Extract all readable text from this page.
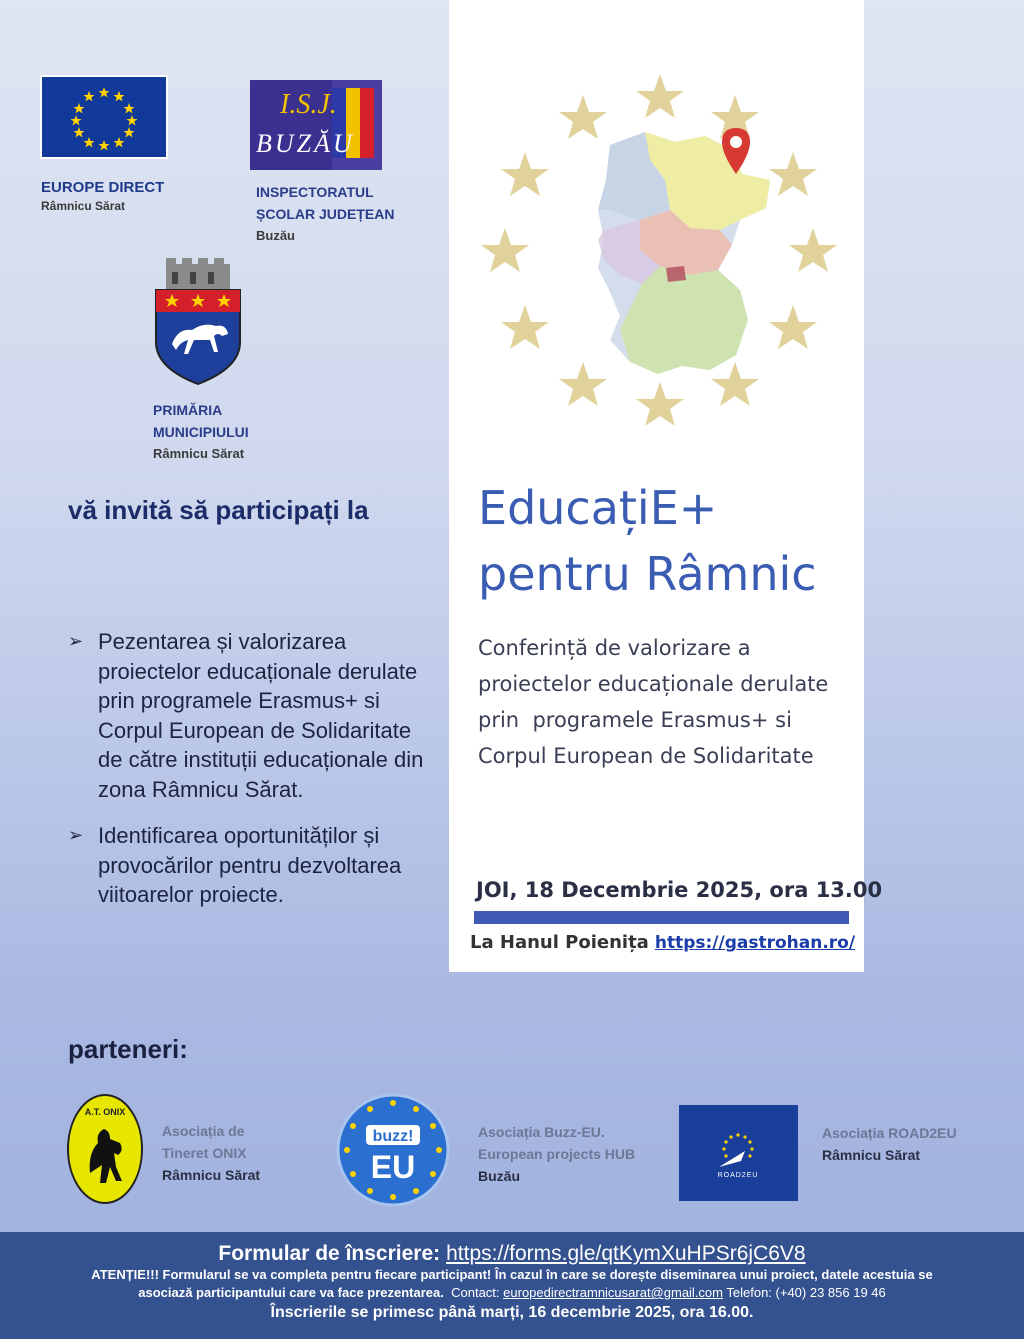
EUROPE DIRECT
Râmnicu Sărat
I.S.J.
BUZĂU
INSPECTORATUL
ȘCOLAR JUDEȚEAN
Buzău
PRIMĂRIA
MUNICIPIULUI
Râmnicu Sărat
vă invită să participați la
➢ Pezentarea și valorizarea proiectelor educaționale derulate prin programele Erasmus+ si Corpul European de Solidaritate de către instituții educaționale din zona Râmnicu Sărat.
➢ Identificarea oportunităților și provocărilor pentru dezvoltarea viitoarelor proiecte.
EducațiE+
pentru Râmnic
Conferință de valorizare a
proiectelor educaționale derulate
prin  programele Erasmus+ si
Corpul European de Solidaritate
JOI, 18 Decembrie 2025, ora 13.00
La Hanul Poienița https://gastrohan.ro/
parteneri:
A.T. ONIX
Asociația de
Tineret ONIX
Râmnicu Sărat
buzz!
EU
Asociația Buzz-EU.
European projects HUB
Buzău	ROAD2EU
Asociația ROAD2EU
Râmnicu Sărat
Formular de înscriere: https://forms.gle/qtKymXuHPSr6jC6V8
ATENȚIE!!! Formularul se va completa pentru fiecare participant! În cazul în care se dorește diseminarea unui proiect, datele acestuia se
asociază participantului care va face prezentarea. Contact: europedirectramnicusarat@gmail.com Telefon: (+40) 23 856 19 46
Înscrierile se primesc până marți, 16 decembrie 2025, ora 16.00.
